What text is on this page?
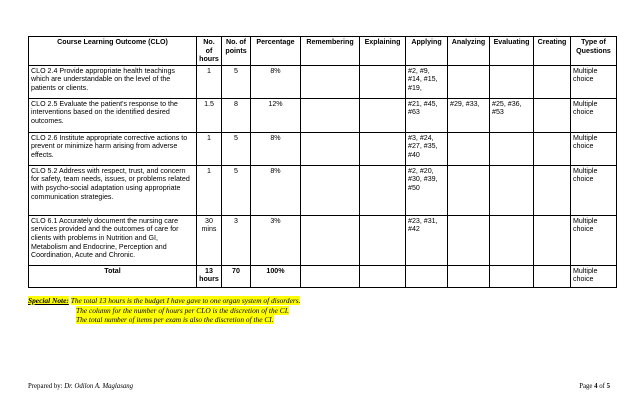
Course Learning Outcome (CLO)	No. of hours	No. of points	Percentage	Remembering	Explaining	Applying	Analyzing	Evaluating	Creating	Type of Questions
CLO 2.4 Provide appropriate health teachings which are understandable on the level of the patients or clients.	1	5	8%			#2, #9, #14, #15, #19,				Multiple choice
CLO 2.5 Evaluate the patient's response to the interventions based on the identified desired outcomes.	1.5	8	12%			#21, #45, #63	#29, #33,	#25, #36, #53		Multiple choice
CLO 2.6 Institute appropriate corrective actions to prevent or minimize harm arising from adverse effects.	1	5	8%			#3, #24, #27, #35, #40				Multiple choice
CLO 5.2 Address with respect, trust, and concern for safety, team needs, issues, or problems related with psycho-social adaptation using appropriate communication strategies.	1	5	8%			#2, #20, #30, #39, #50				Multiple choice
CLO 6.1 Accurately document the nursing care services provided and the outcomes of care for clients with problems in Nutrition and GI, Metabolism and Endocrine, Perception and Coordination, Acute and Chronic.	30 mins	3	3%			#23, #31, #42				Multiple choice
Total	13 hours	70	100%							Multiple choice
Special Note: The total 13 hours is the budget I have gave to one organ system of disorders.
The column for the number of hours per CLO is the discretion of the CI.
The total number of items per exam is also the discretion of the CI.
Prepared by: Dr. Odilon A. Maglasang	Page 4 of 5
